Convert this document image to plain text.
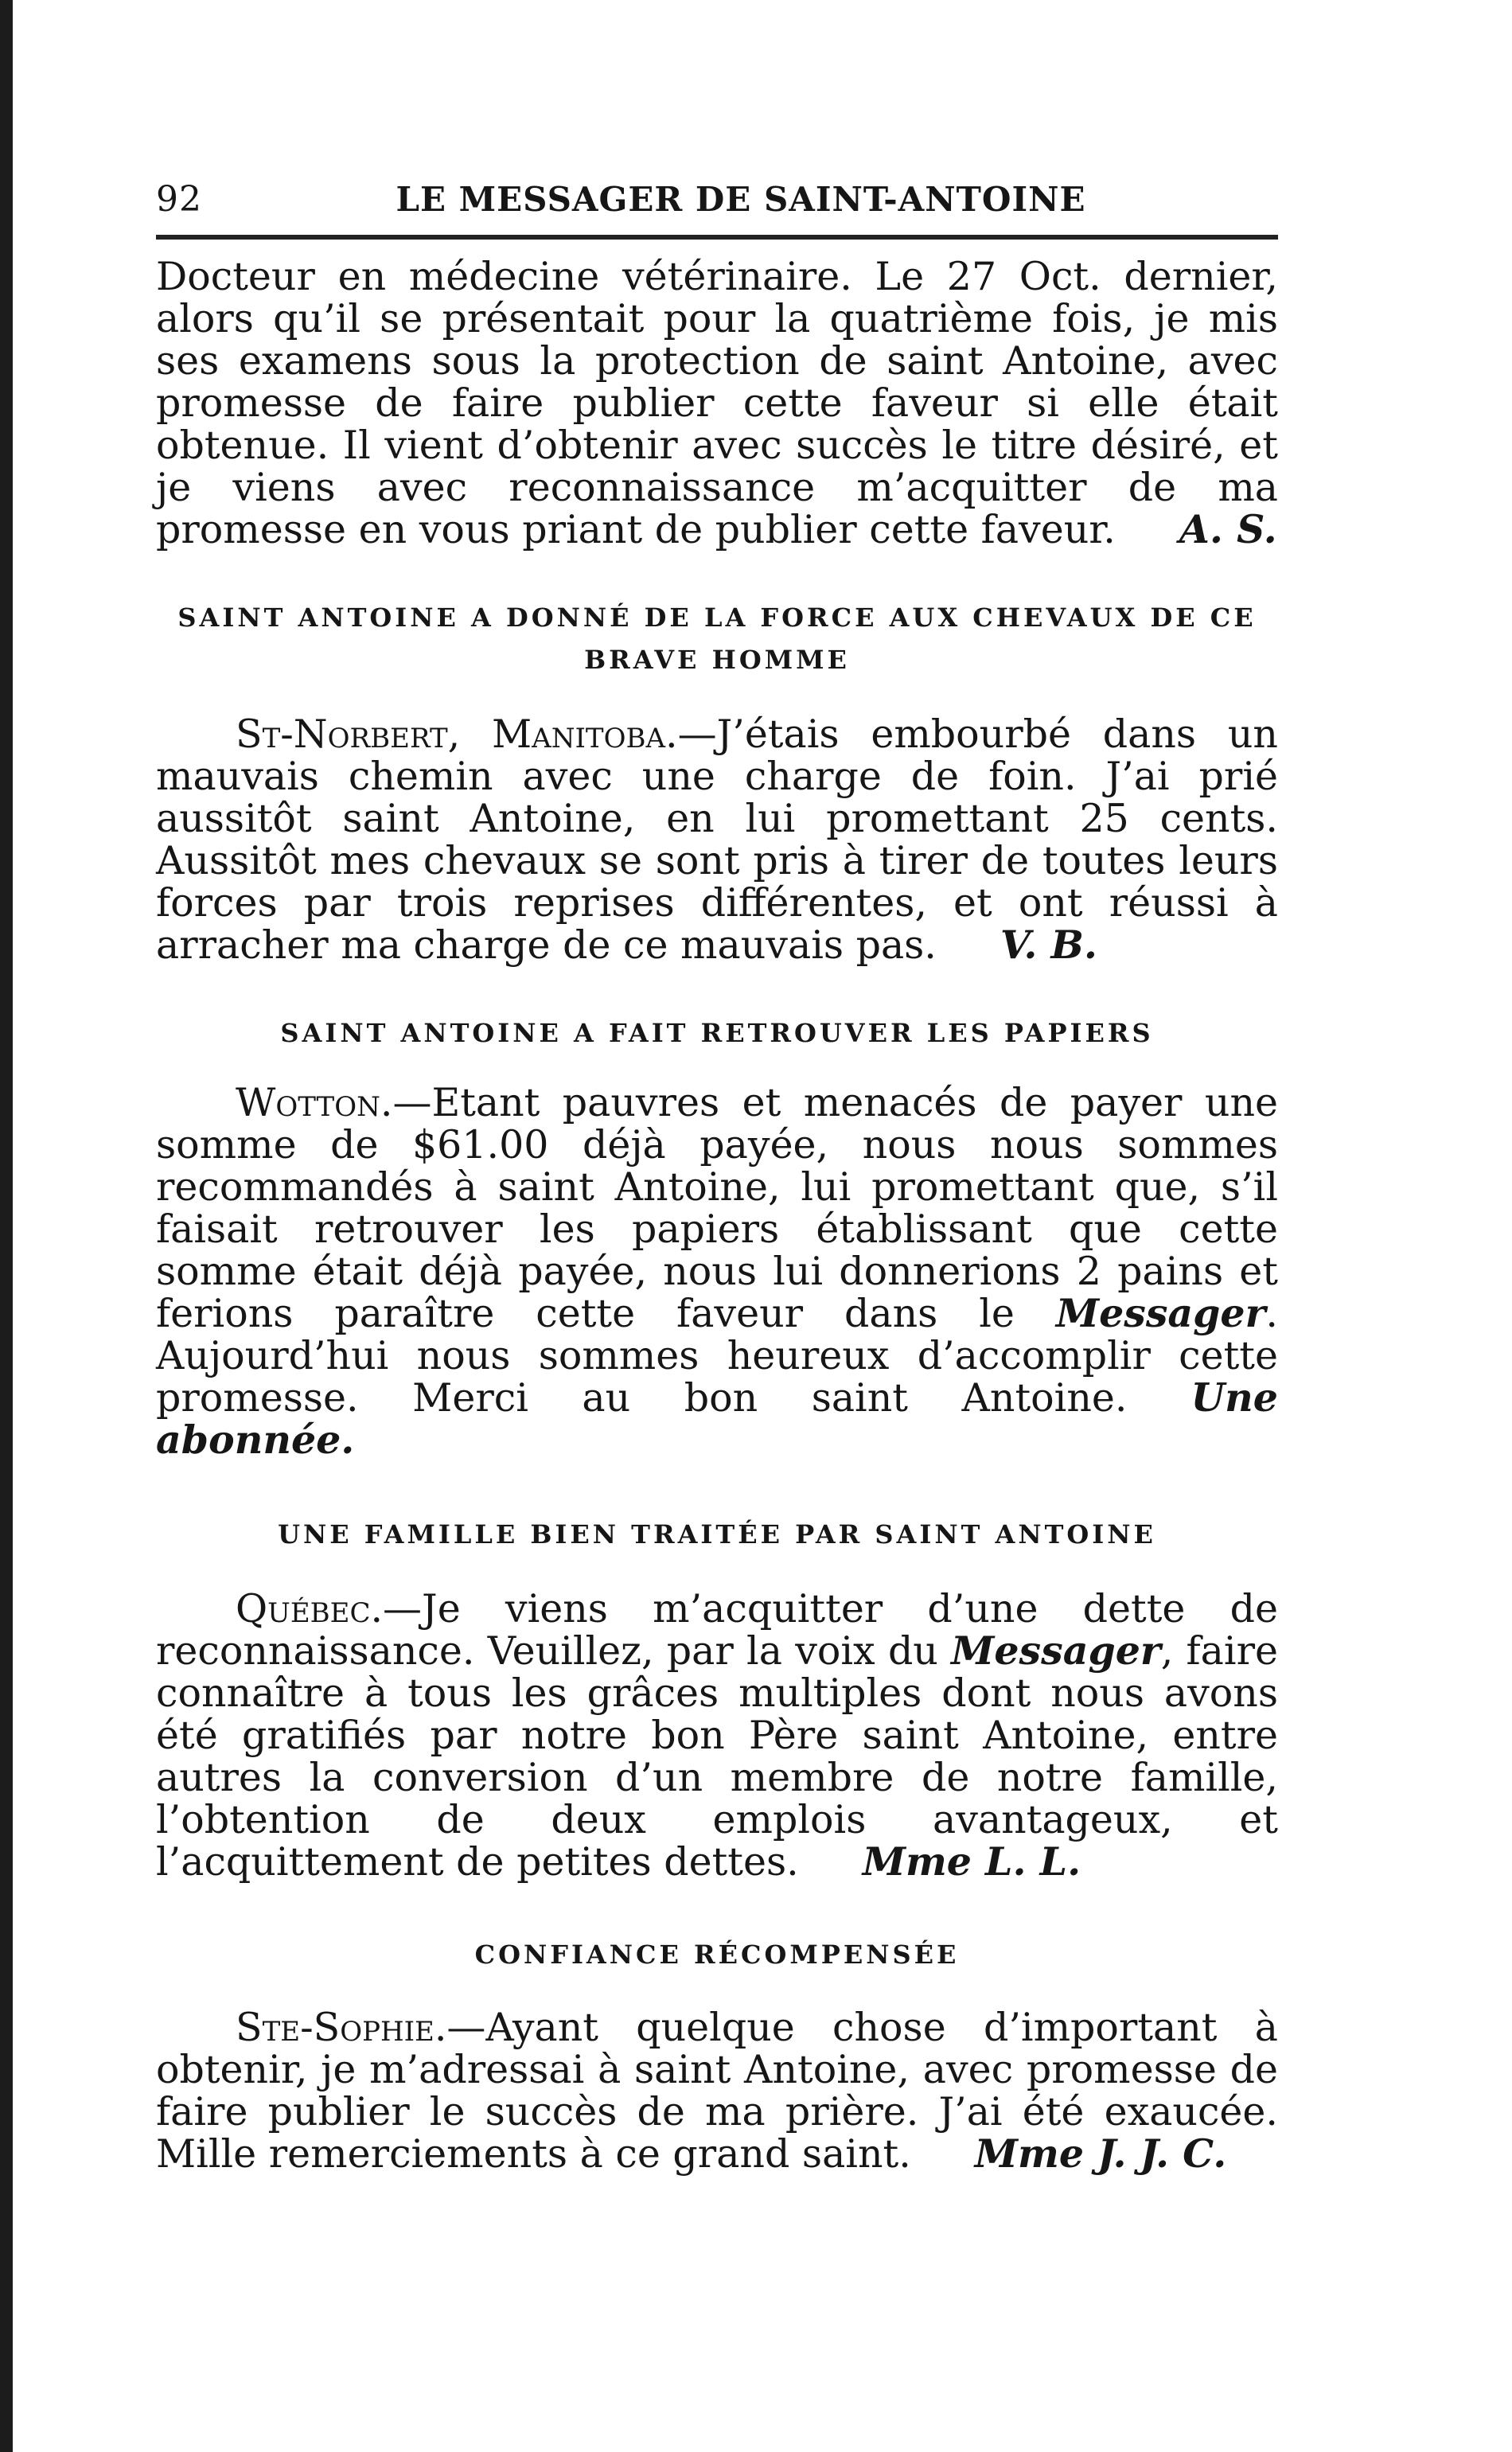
92	LE MESSAGER DE SAINT-ANTOINE

Docteur en médecine vétérinaire. Le 27 Oct. dernier, alors qu’il se présentait pour la quatrième fois, je mis ses examens sous la protection de saint Antoine, avec promesse de faire publier cette faveur si elle était obtenue. Il vient d’obtenir avec succès le titre désiré, et je viens avec reconnaissance m’acquitter de ma promesse en vous priant de publier cette faveur. A. S.

SAINT ANTOINE A DONNÉ DE LA FORCE AUX CHEVAUX DE CE BRAVE HOMME

St-Norbert, Manitoba.—J’étais embourbé dans un mauvais chemin avec une charge de foin. J’ai prié aussitôt saint Antoine, en lui promettant 25 cents. Aussitôt mes chevaux se sont pris à tirer de toutes leurs forces par trois reprises différentes, et ont réussi à arracher ma charge de ce mauvais pas. V. B.

SAINT ANTOINE A FAIT RETROUVER LES PAPIERS

Wotton.—Etant pauvres et menacés de payer une somme de $61.00 déjà payée, nous nous sommes recommandés à saint Antoine, lui promettant que, s’il faisait retrouver les papiers établissant que cette somme était déjà payée, nous lui donnerions 2 pains et ferions paraître cette faveur dans le Messager. Aujourd’hui nous sommes heureux d’accomplir cette promesse. Merci au bon saint Antoine. Une abonnée.

UNE FAMILLE BIEN TRAITÉE PAR SAINT ANTOINE

Québec.—Je viens m’acquitter d’une dette de reconnaissance. Veuillez, par la voix du Messager, faire connaître à tous les grâces multiples dont nous avons été gratifiés par notre bon Père saint Antoine, entre autres la conversion d’un membre de notre famille, l’obtention de deux emplois avantageux, et l’acquittement de petites dettes. Mme L. L.

CONFIANCE RÉCOMPENSÉE

Ste-Sophie.—Ayant quelque chose d’important à obtenir, je m’adressai à saint Antoine, avec promesse de faire publier le succès de ma prière. J’ai été exaucée. Mille remerciements à ce grand saint. Mme J. J. C.
